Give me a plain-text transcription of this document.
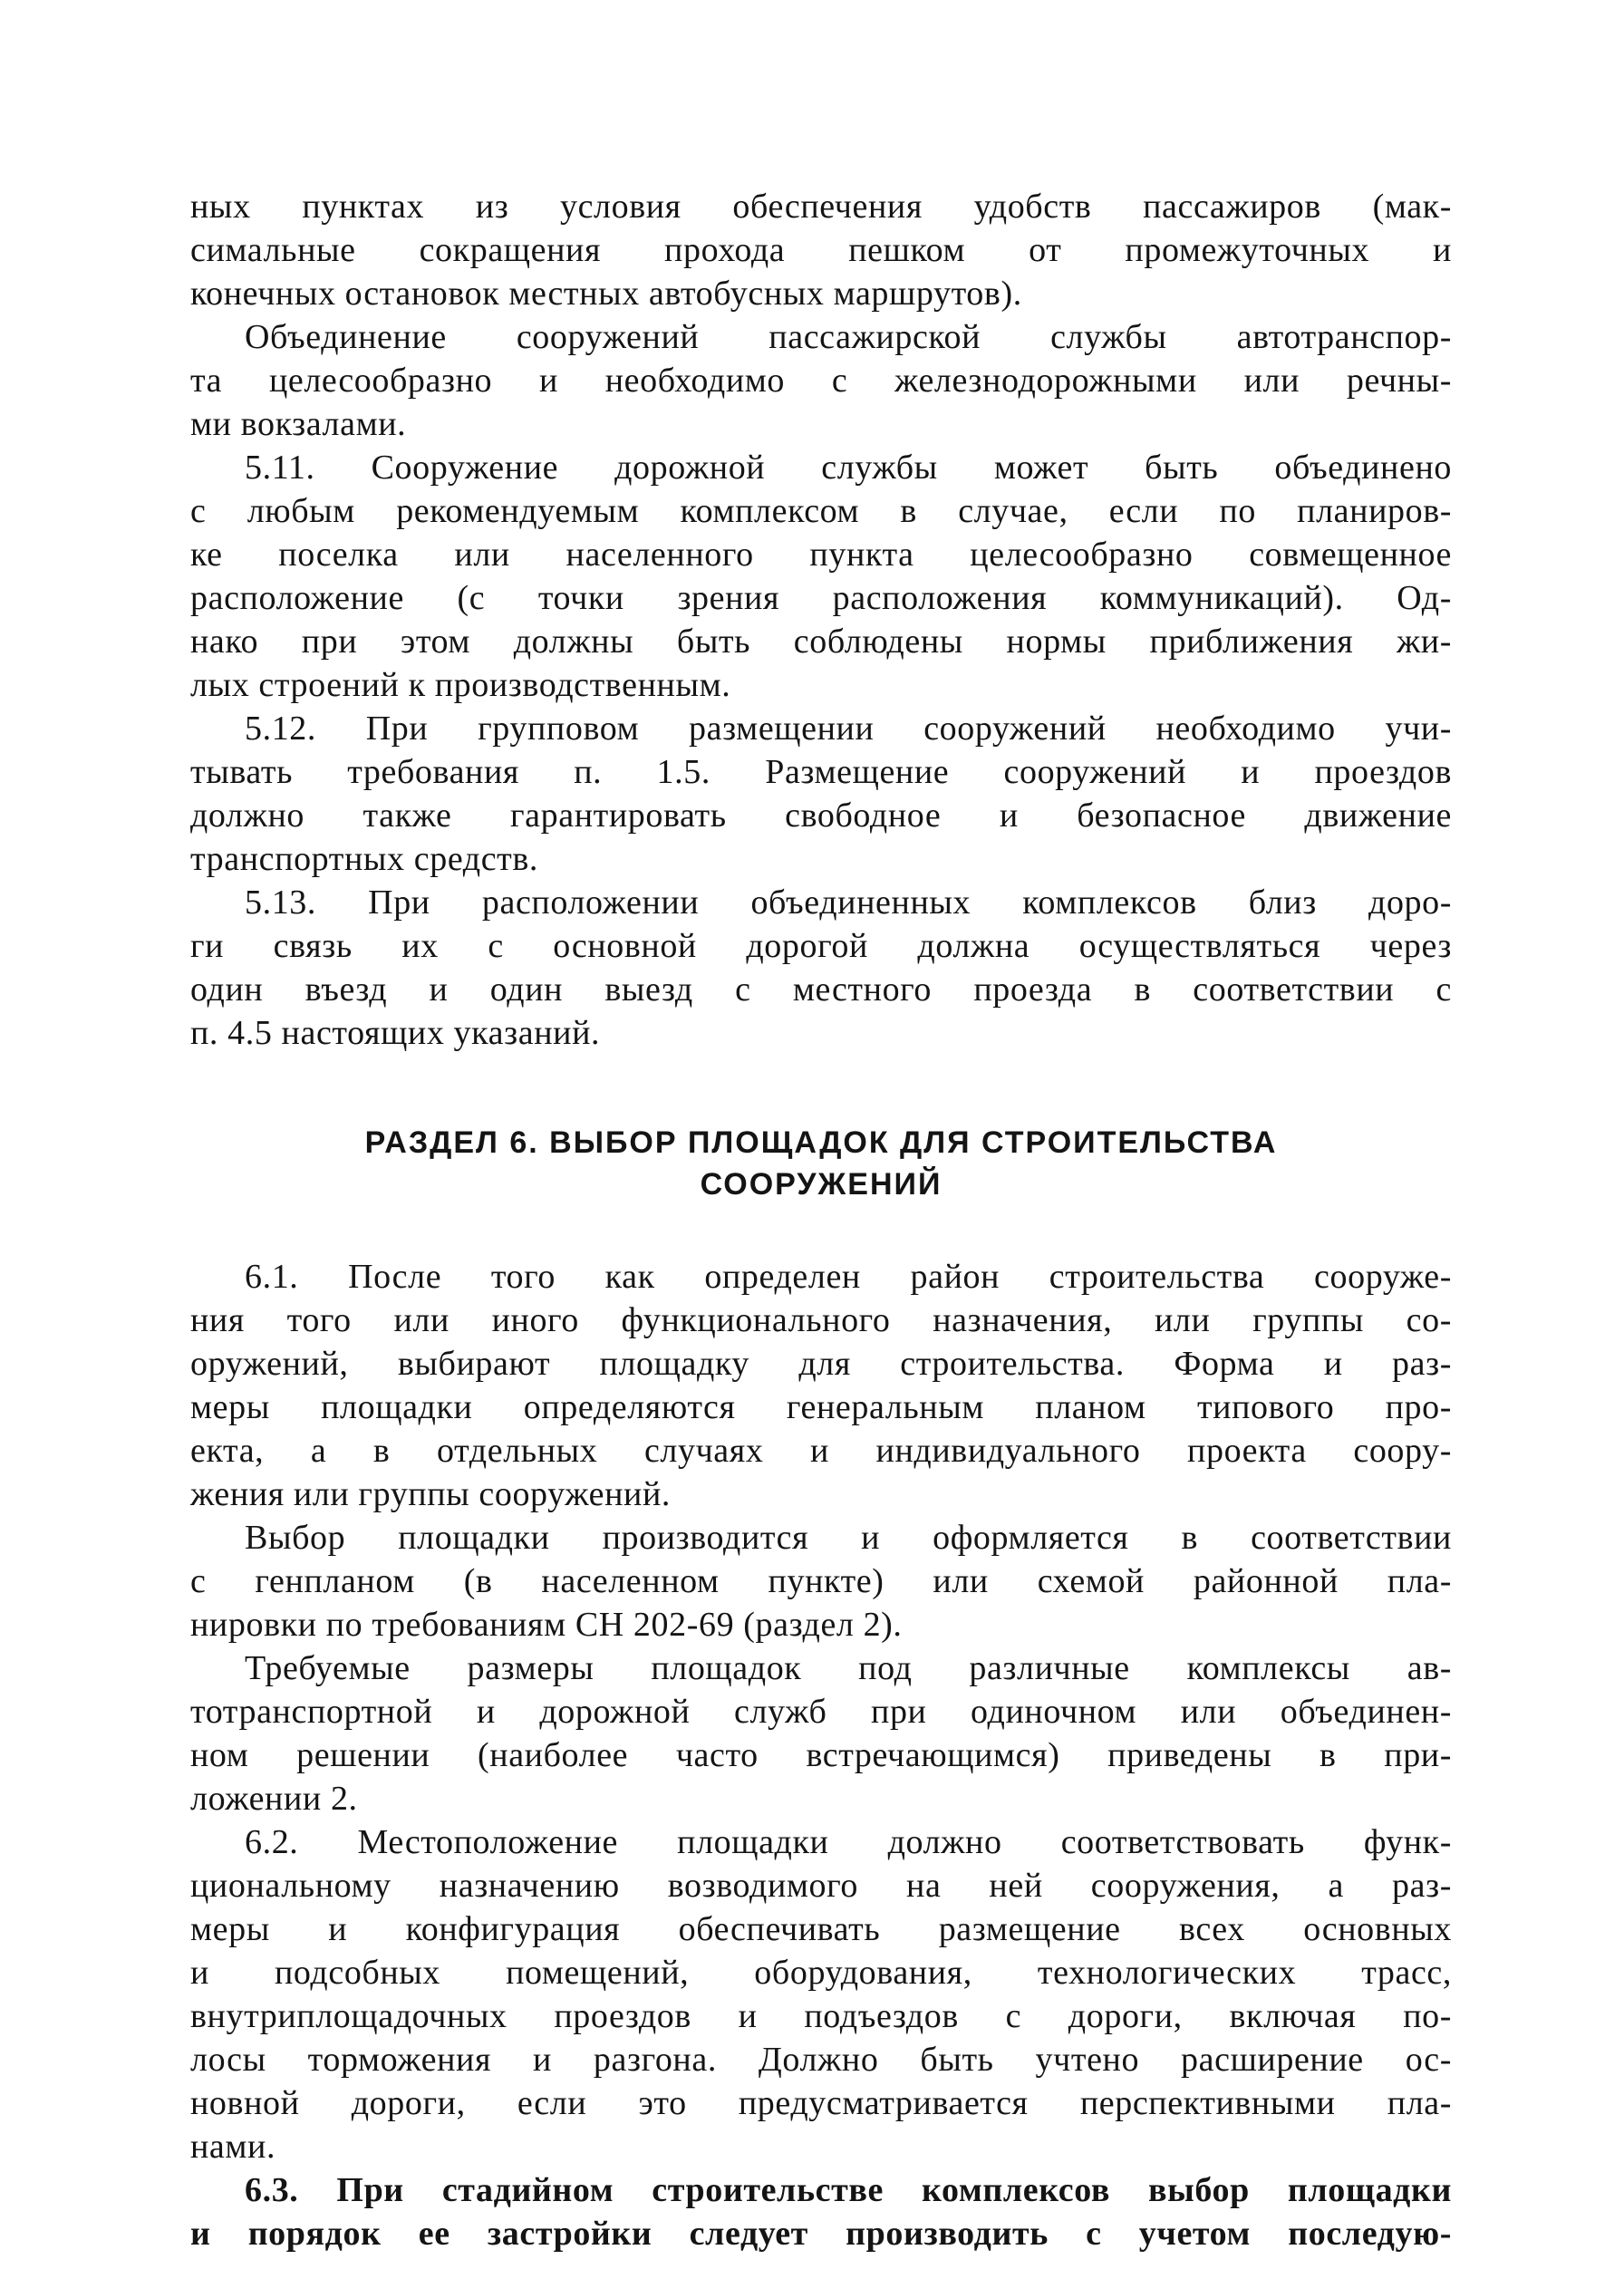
ных пунктах из условия обеспечения удобств пассажиров (мак-
симальные сокращения прохода пешком от промежуточных и
конечных остановок местных автобусных маршрутов).
Объединение сооружений пассажирской службы автотранспор-
та целесообразно и необходимо с железнодорожными или речны-
ми вокзалами.
5.11. Сооружение дорожной службы может быть объединено
с любым рекомендуемым комплексом в случае, если по планиров-
ке поселка или населенного пункта целесообразно совмещенное
расположение (с точки зрения расположения коммуникаций). Од-
нако при этом должны быть соблюдены нормы приближения жи-
лых строений к производственным.
5.12. При групповом размещении сооружений необходимо учи-
тывать требования п. 1.5. Размещение сооружений и проездов
должно также гарантировать свободное и безопасное движение
транспортных средств.
5.13. При расположении объединенных комплексов близ доро-
ги связь их с основной дорогой должна осуществляться через
один въезд и один выезд с местного проезда в соответствии с
п. 4.5 настоящих указаний.
РАЗДЕЛ 6. ВЫБОР ПЛОЩАДОК ДЛЯ СТРОИТЕЛЬСТВА
СООРУЖЕНИЙ
6.1. После того как определен район строительства сооруже-
ния того или иного функционального назначения, или группы со-
оружений, выбирают площадку для строительства. Форма и раз-
меры площадки определяются генеральным планом типового про-
екта, а в отдельных случаях и индивидуального проекта соору-
жения или группы сооружений.
Выбор площадки производится и оформляется в соответствии
с генпланом (в населенном пункте) или схемой районной пла-
нировки по требованиям СН 202-69 (раздел 2).
Требуемые размеры площадок под различные комплексы ав-
тотранспортной и дорожной служб при одиночном или объединен-
ном решении (наиболее часто встречающимся) приведены в при-
ложении 2.
6.2. Местоположение площадки должно соответствовать функ-
циональному назначению возводимого на ней сооружения, а раз-
меры и конфигурация обеспечивать размещение всех основных
и подсобных помещений, оборудования, технологических трасс,
внутриплощадочных проездов и подъездов с дороги, включая по-
лосы торможения и разгона. Должно быть учтено расширение ос-
новной дороги, если это предусматривается перспективными пла-
нами.
6.3. При стадийном строительстве комплексов выбор площадки
и порядок ее застройки следует производить с учетом последую-
